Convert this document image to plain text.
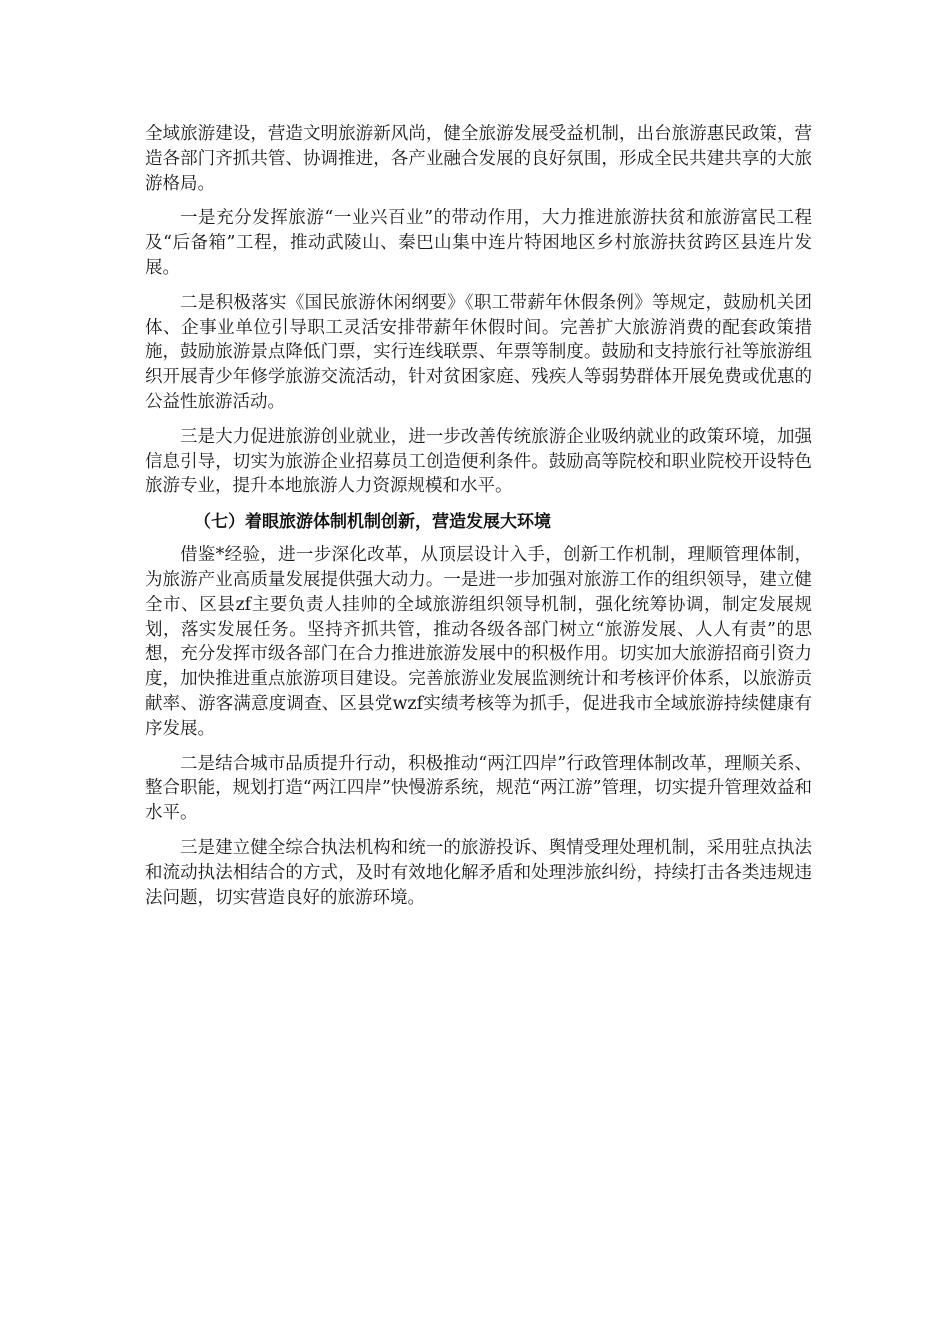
全域旅游建设，营造文明旅游新风尚，健全旅游发展受益机制，出台旅游惠民政策，营造各部门齐抓共管、协调推进，各产业融合发展的良好氛围，形成全民共建共享的大旅游格局。

一是充分发挥旅游“一业兴百业”的带动作用，大力推进旅游扶贫和旅游富民工程及“后备箱”工程，推动武陵山、秦巴山集中连片特困地区乡村旅游扶贫跨区县连片发展。

二是积极落实《国民旅游休闲纲要》《职工带薪年休假条例》等规定，鼓励机关团体、企事业单位引导职工灵活安排带薪年休假时间。完善扩大旅游消费的配套政策措施，鼓励旅游景点降低门票，实行连线联票、年票等制度。鼓励和支持旅行社等旅游组织开展青少年修学旅游交流活动，针对贫困家庭、残疾人等弱势群体开展免费或优惠的公益性旅游活动。

三是大力促进旅游创业就业，进一步改善传统旅游企业吸纳就业的政策环境，加强信息引导，切实为旅游企业招募员工创造便利条件。鼓励高等院校和职业院校开设特色旅游专业，提升本地旅游人力资源规模和水平。

（七）着眼旅游体制机制创新，营造发展大环境

借鉴*经验，进一步深化改革，从顶层设计入手，创新工作机制，理顺管理体制，为旅游产业高质量发展提供强大动力。一是进一步加强对旅游工作的组织领导，建立健全市、区县zf主要负责人挂帅的全域旅游组织领导机制，强化统筹协调，制定发展规划，落实发展任务。坚持齐抓共管，推动各级各部门树立“旅游发展、人人有责”的思想，充分发挥市级各部门在合力推进旅游发展中的积极作用。切实加大旅游招商引资力度，加快推进重点旅游项目建设。完善旅游业发展监测统计和考核评价体系，以旅游贡献率、游客满意度调查、区县党wzf实绩考核等为抓手，促进我市全域旅游持续健康有序发展。

二是结合城市品质提升行动，积极推动“两江四岸”行政管理体制改革，理顺关系、整合职能，规划打造“两江四岸”快慢游系统，规范“两江游”管理，切实提升管理效益和水平。

三是建立健全综合执法机构和统一的旅游投诉、舆情受理处理机制，采用驻点执法和流动执法相结合的方式，及时有效地化解矛盾和处理涉旅纠纷，持续打击各类违规违法问题，切实营造良好的旅游环境。
